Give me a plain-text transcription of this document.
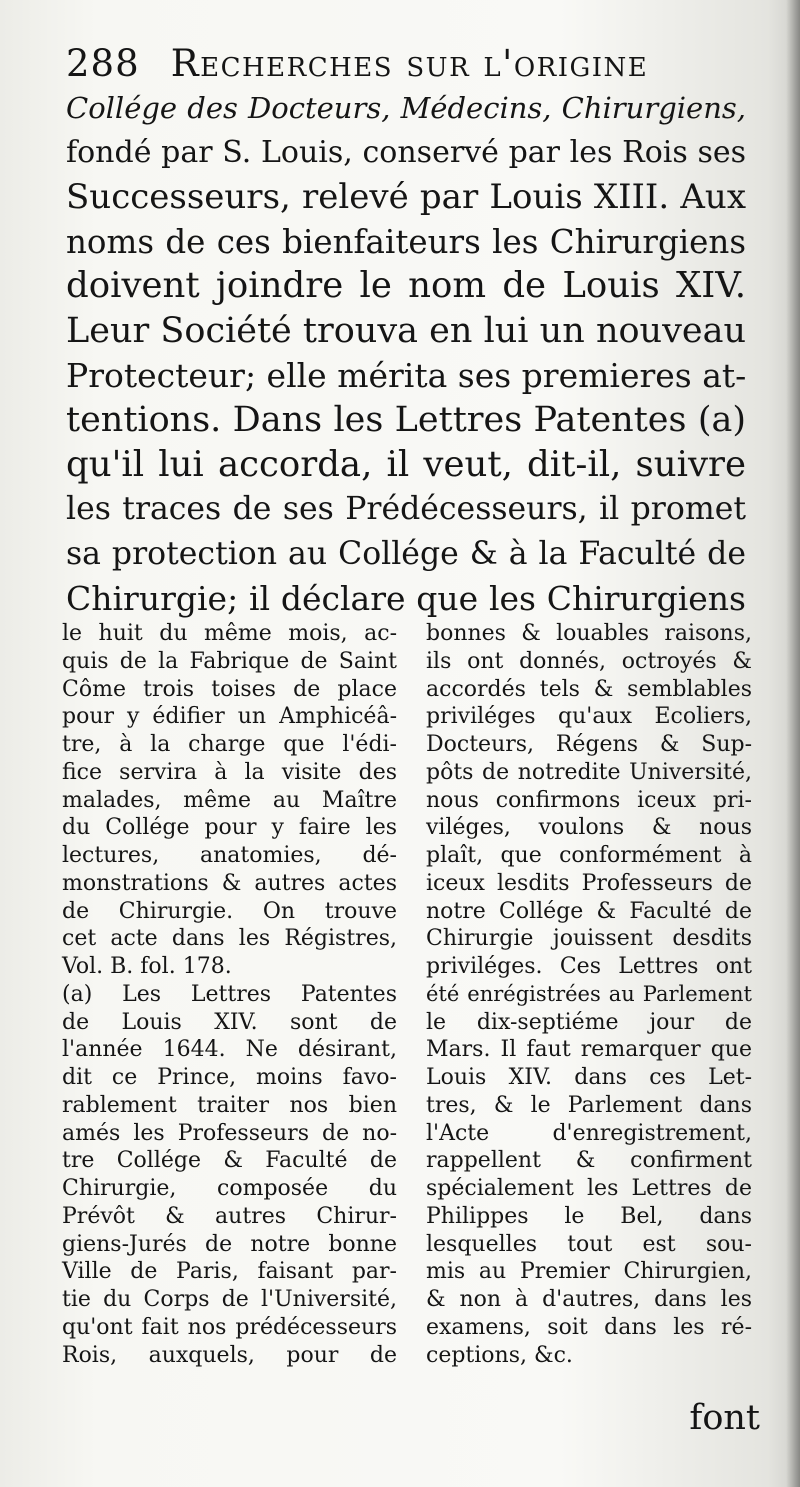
288 Recherches sur l'origine
Collége des Docteurs, Médecins, Chirurgiens,
fondé par S. Louis, conservé par les Rois ses
Successeurs, relevé par Louis XIII. Aux
noms de ces bienfaiteurs les Chirurgiens
doivent joindre le nom de Louis XIV.
Leur Société trouva en lui un nouveau
Protecteur; elle mérita ses premieres at-
tentions. Dans les Lettres Patentes (a)
qu'il lui accorda, il veut, dit-il, suivre
les traces de ses Prédécesseurs, il promet
sa protection au Collége & à la Faculté de
Chirurgie; il déclare que les Chirurgiens
le huit du même mois, ac-
quis de la Fabrique de Saint
Côme trois toises de place
pour y édifier un Amphicéâ-
tre, à la charge que l'édi-
fice servira à la visite des
malades, même au Maître
du Collége pour y faire les
lectures, anatomies, dé-
monstrations & autres actes
de Chirurgie. On trouve
cet acte dans les Régistres,
Vol. B. fol. 178.
(a) Les Lettres Patentes
de Louis XIV. sont de
l'année 1644. Ne désirant,
dit ce Prince, moins favo-
rablement traiter nos bien
amés les Professeurs de no-
tre Collége & Faculté de
Chirurgie, composée du
Prévôt & autres Chirur-
giens-Jurés de notre bonne
Ville de Paris, faisant par-
tie du Corps de l'Université,
qu'ont fait nos prédécesseurs
Rois, auxquels, pour de
bonnes & louables raisons,
ils ont donnés, octroyés &
accordés tels & semblables
priviléges qu'aux Ecoliers,
Docteurs, Régens & Sup-
pôts de notredite Université,
nous confirmons iceux pri-
viléges, voulons & nous
plaît, que conformément à
iceux lesdits Professeurs de
notre Collége & Faculté de
Chirurgie jouissent desdits
priviléges. Ces Lettres ont
été enrégistrées au Parlement
le dix-septiéme jour de
Mars. Il faut remarquer que
Louis XIV. dans ces Let-
tres, & le Parlement dans
l'Acte d'enregistrement,
rappellent & confirment
spécialement les Lettres de
Philippes le Bel, dans
lesquelles tout est sou-
mis au Premier Chirurgien,
& non à d'autres, dans les
examens, soit dans les ré-
ceptions, &c.
font
